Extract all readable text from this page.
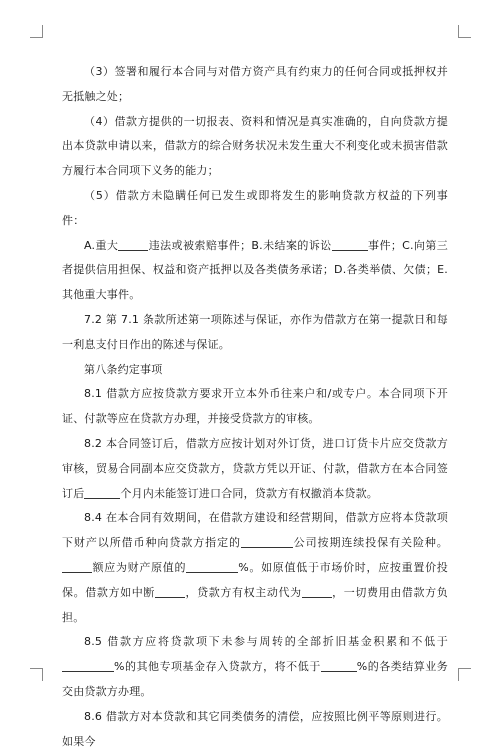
（3）签署和履行本合同与对借方资产具有约束力的任何合同或抵押权并无抵触之处；

（4）借款方提供的一切报表、资料和情况是真实准确的，自向贷款方提出本贷款申请以来，借款方的综合财务状况未发生重大不利变化或未损害借款方履行本合同项下义务的能力；

（5）借款方未隐瞒任何已发生或即将发生的影响贷款方权益的下列事件：

A.重大	违法或被索赔事件；B.未结案的诉讼	事件；C.向第三者提供信用担保、权益和资产抵押以及各类债务承诺；D.各类举债、欠债；E.其他重大事件。

7.2 第 7.1 条款所述第一项陈述与保证，亦作为借款方在第一提款日和每一利息支付日作出的陈述与保证。

第八条约定事项

8.1 借款方应按贷款方要求开立本外币往来户和/或专户。本合同项下开证、付款等应在贷款方办理，并接受贷款方的审核。

8.2 本合同签订后，借款方应按计划对外订货，进口订货卡片应交贷款方审核，贸易合同副本应交贷款方，贷款方凭以开证、付款，借款方在本合同签订后	个月内未能签订进口合同，贷款方有权撤消本贷款。

8.4 在本合同有效期间，在借款方建设和经营期间，借款方应将本贷款项下财产以所借币种向贷款方指定的	公司按期连续投保有关险种。额应为财产原值的	%。如原值低于市场价时，应按重置价投保。借款方如中断	，贷款方有权主动代为	，一切费用由借款方负担。

8.5 借款方应将贷款项下未参与周转的全部折旧基金积累和不低于%的其他专项基金存入贷款方，将不低于	%的各类结算业务交由贷款方办理。

8.6 借款方对本贷款和其它同类债务的清偿，应按照比例平等原则进行。如果今
